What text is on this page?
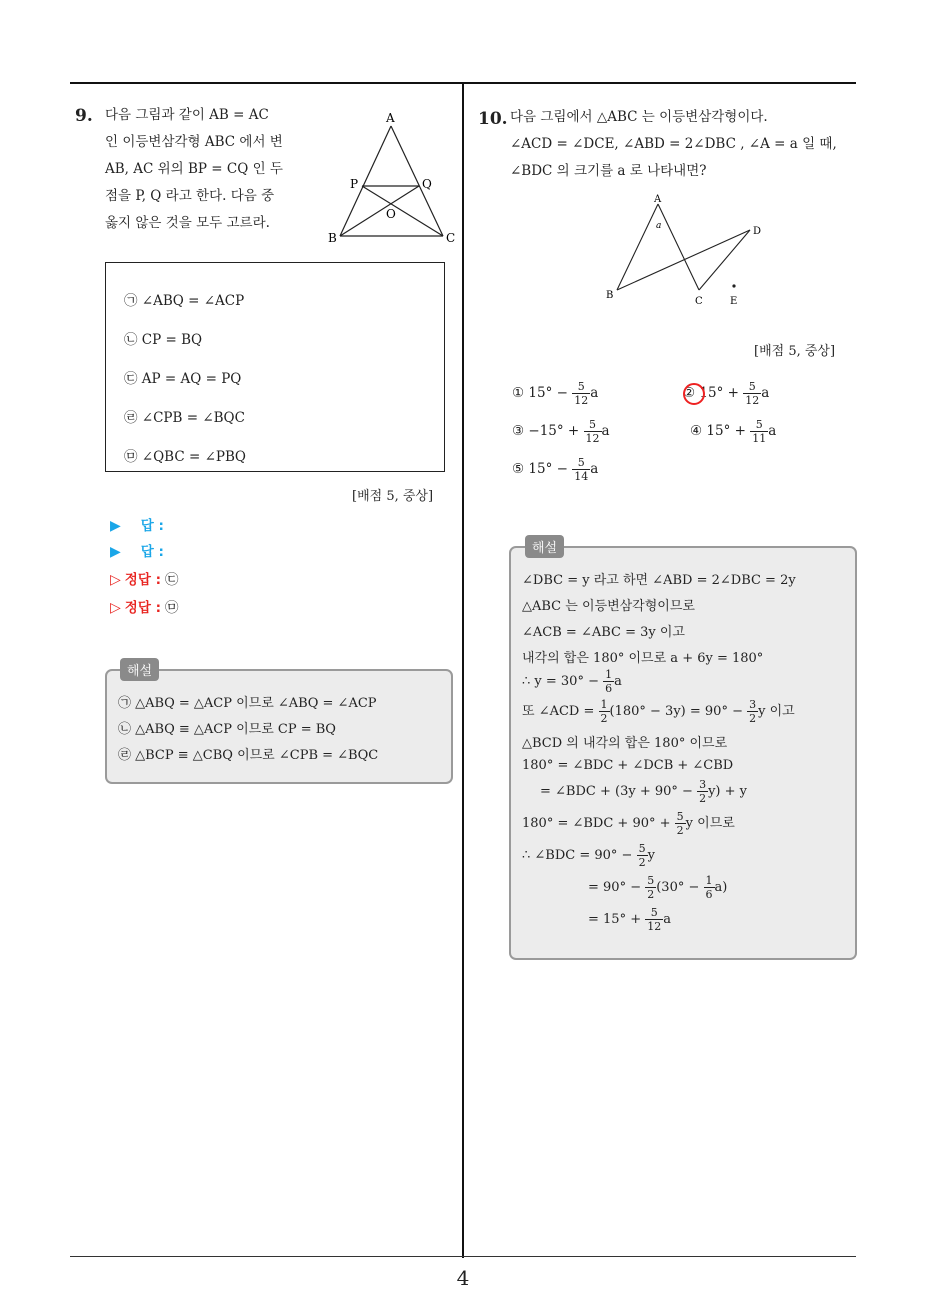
4
9. 다음 그림과 같이 AB = AC
인 이등변삼각형 ABC 에서 변
AB, AC 위의 BP = CQ 인 두
점을 P, Q 라고 한다. 다음 중
옳지 않은 것을 모두 고르라.
A
P	Q
O
B	C
㉠ ∠ABQ = ∠ACP
㉡ CP = BQ
㉢ AP = AQ = PQ
㉣ ∠CPB = ∠BQC
㉤ ∠QBC = ∠PBQ
[배점 5, 중상]
▶ 답 :
▶ 답 :
▷ 정답 : ㉢
▷ 정답 : ㉤
해설
㉠ △ABQ = △ACP 이므로 ∠ABQ = ∠ACP
㉡ △ABQ ≡ △ACP 이므로 CP = BQ
㉣ △BCP ≡ △CBQ 이므로 ∠CPB = ∠BQC
10. 다음 그림에서 △ABC 는 이등변삼각형이다.
∠ACD = ∠DCE, ∠ABD = 2∠DBC , ∠A = a 일 때,
∠BDC 의 크기를 a 로 나타내면?
A
a	D
B
C	E
[배점 5, 중상]
① $15^\circ - \frac{5}{12}$ a	② $15^\circ + \frac{5}{12}$ a
③ $-15^\circ + \frac{5}{12}$ a	④ $15^\circ + \frac{5}{11}$ a
⑤ $15^\circ - \frac{5}{14}$ a
해설
∠DBC = y 라고 하면 ∠ABD = 2∠DBC = 2y
△ABC 는 이등변삼각형이므로
∠ACB = ∠ABC = 3y 이고
내각의 합은 180° 이므로 a + 6y = 180°
∴ $y = 30^\circ - \frac{1}{6}$ a
또 ∠ACD = $\frac{1}{2} (180^\circ - 3y) = 90^\circ - \frac{3}{2}$ y 이고
△BCD 의 내각의 합은 180° 이므로
180° = ∠BDC + ∠DCB + ∠CBD
= ∠BDC + $(3y + 90^\circ - \frac{3}{2} y) + y$
180° = ∠BDC + $90^\circ + \frac{5}{2}$ y 이므로
∴ ∠BDC = $90^\circ - \frac{5}{2}$ y
= $90^\circ - \frac{5}{2} (30^\circ - \frac{1}{6} a)$
= $15^\circ + \frac{5}{12}$ a
